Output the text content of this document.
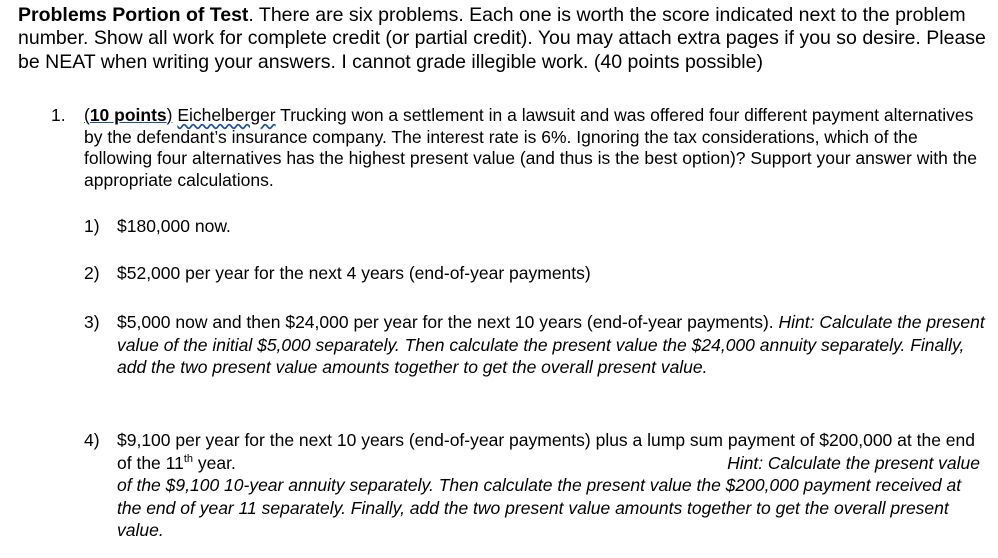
Problems Portion of Test. There are six problems. Each one is worth the score indicated next to the problem number. Show all work for complete credit (or partial credit). You may attach extra pages if you so desire. Please be NEAT when writing your answers. I cannot grade illegible work. (40 points possible)
1. (10 points) Eichelberger Trucking won a settlement in a lawsuit and was offered four different payment alternatives by the defendant’s insurance company. The interest rate is 6%. Ignoring the tax considerations, which of the following four alternatives has the highest present value (and thus is the best option)? Support your answer with the appropriate calculations.
1) $180,000 now.
2) $52,000 per year for the next 4 years (end-of-year payments)
3) $5,000 now and then $24,000 per year for the next 10 years (end-of-year payments). Hint: Calculate the present value of the initial $5,000 separately. Then calculate the present value the $24,000 annuity separately. Finally, add the two present value amounts together to get the overall present value.
4) $9,100 per year for the next 10 years (end-of-year payments) plus a lump sum payment of $200,000 at the end of the 11th year.	Hint: Calculate the present value

of the $9,100 10-year annuity separately. Then calculate the present value the $200,000 payment received at the end of year 11 separately. Finally, add the two present value amounts together to get the overall present value.
